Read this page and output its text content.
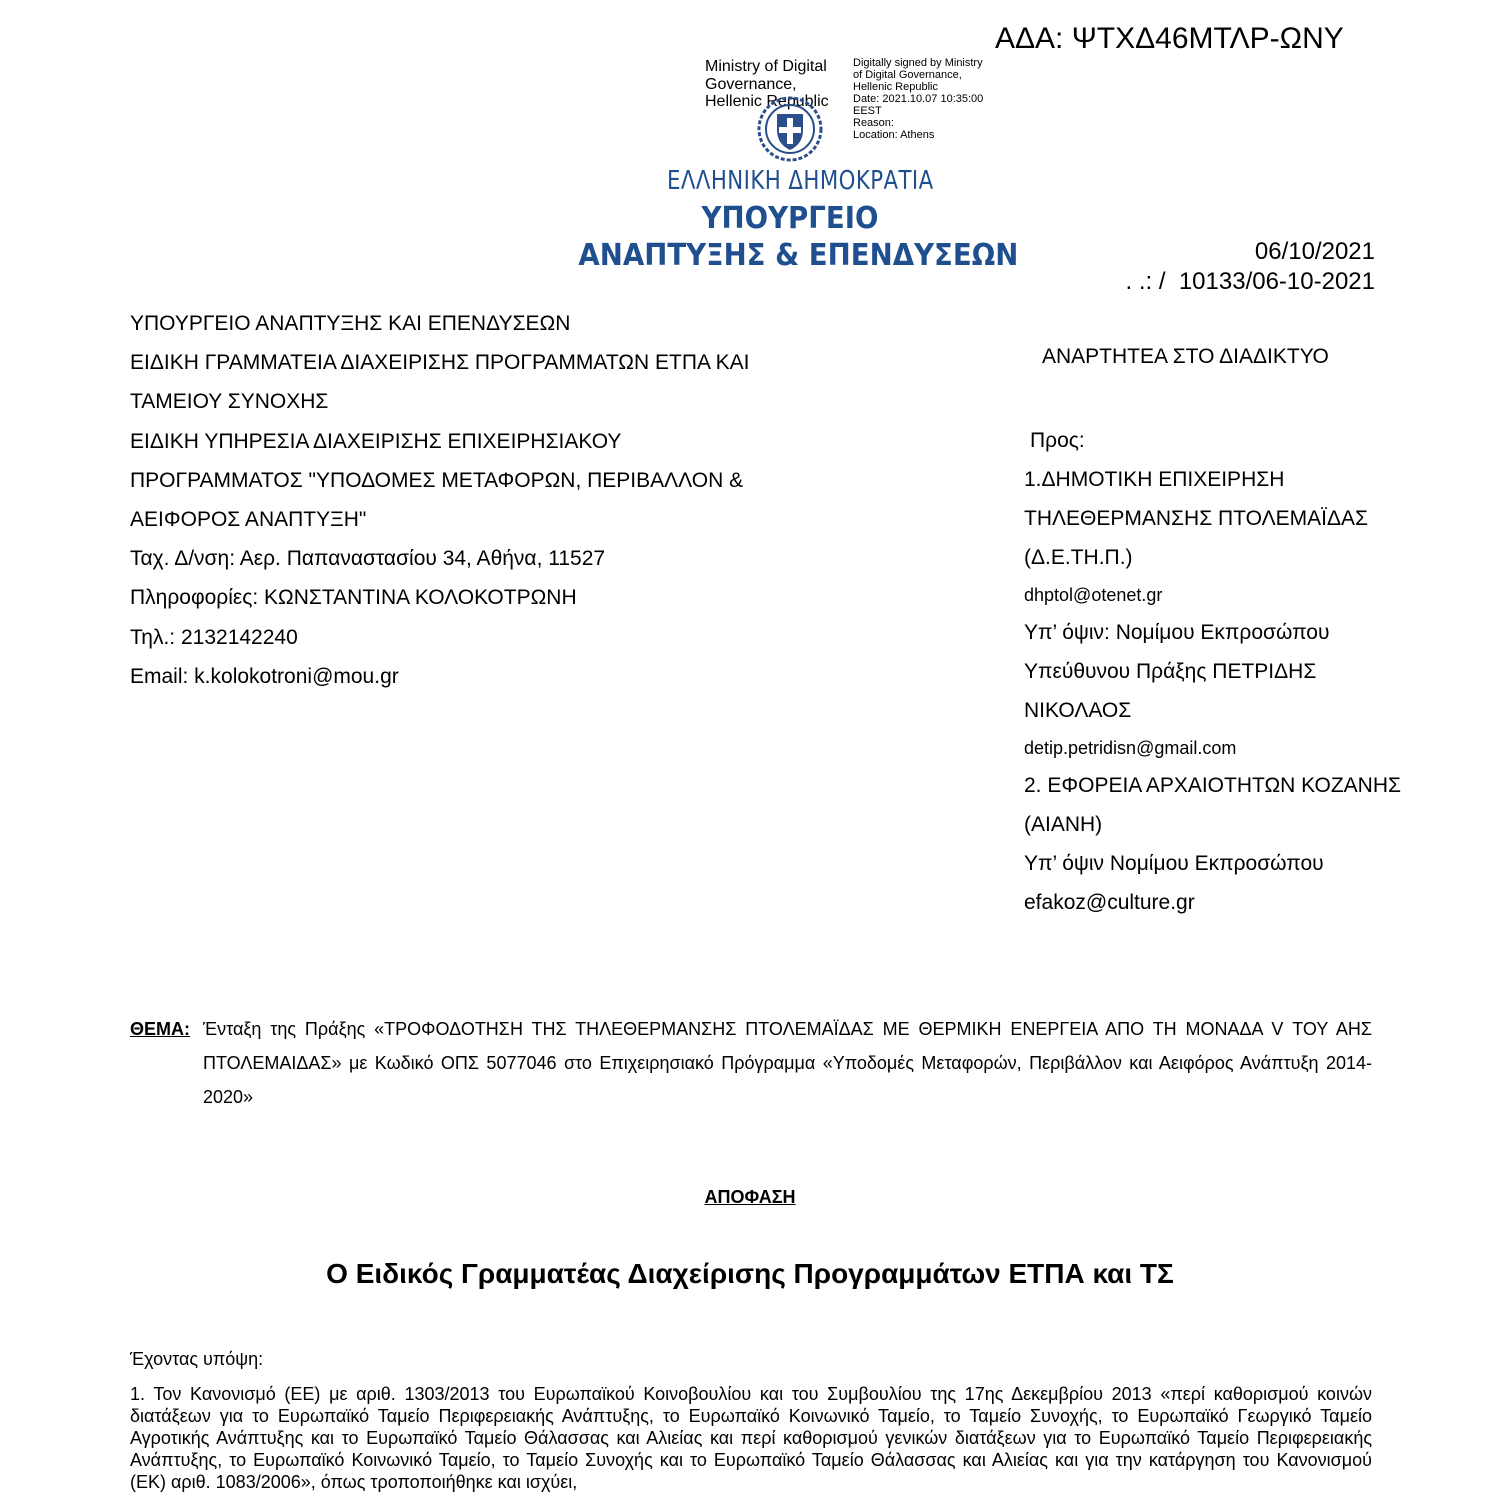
ΑΔΑ: ΨΤΧΔ46ΜΤΛΡ-ΩΝΥ
Ministry of Digital
Governance,
Hellenic Republic
Digitally signed by Ministry
of Digital Governance,
Hellenic Republic
Date: 2021.10.07 10:35:00
EEST
Reason:
Location: Athens
ΕΛΛΗΝΙΚΗ ΔΗΜΟΚΡΑΤΙΑ
ΥΠΟΥΡΓΕΙΟ
ΑΝΑΠΤΥΞΗΣ & ΕΠΕΝΔΥΣΕΩΝ	06/10/2021
. .: /  10133/06-10-2021
ΥΠΟΥΡΓΕΙΟ ΑΝΑΠΤΥΞΗΣ ΚΑΙ ΕΠΕΝΔΥΣΕΩΝ
ΕΙΔΙΚΗ ΓΡΑΜΜΑΤΕΙΑ ΔΙΑΧΕΙΡΙΣΗΣ ΠΡΟΓΡΑΜΜΑΤΩΝ ΕΤΠΑ ΚΑΙ
ΤΑΜΕΙΟΥ ΣΥΝΟΧΗΣ
ΕΙΔΙΚΗ ΥΠΗΡΕΣΙΑ ΔΙΑΧΕΙΡΙΣΗΣ ΕΠΙΧΕΙΡΗΣΙΑΚΟΥ
ΠΡΟΓΡΑΜΜΑΤΟΣ "ΥΠΟΔΟΜΕΣ ΜΕΤΑΦΟΡΩΝ, ΠΕΡΙΒΑΛΛΟΝ &
ΑΕΙΦΟΡΟΣ ΑΝΑΠΤΥΞΗ"
Ταχ. Δ/νση: Αερ. Παπαναστασίου 34, Αθήνα, 11527
Πληροφορίες: ΚΩΝΣΤΑΝΤΙΝΑ ΚΟΛΟΚΟΤΡΩΝΗ
Τηλ.: 2132142240
Email: k.kolokotroni@mou.gr
ΑΝΑΡΤΗΤΕΑ ΣΤΟ ΔΙΑΔΙΚΤΥΟ
Προς:
1.ΔΗΜΟΤΙΚΗ ΕΠΙΧΕΙΡΗΣΗ
ΤΗΛΕΘΕΡΜΑΝΣΗΣ ΠΤΟΛΕΜΑΪΔΑΣ
(Δ.Ε.ΤΗ.Π.)
dhptol@otenet.gr
Υπ’ όψιν: Νομίμου Εκπροσώπου
Υπεύθυνου Πράξης ΠΕΤΡΙΔΗΣ
ΝΙΚΟΛΑΟΣ
detip.petridisn@gmail.com
2. ΕΦΟΡΕΙΑ ΑΡΧΑΙΟΤΗΤΩΝ ΚΟΖΑΝΗΣ
(ΑΙΑΝΗ)
Υπ’ όψιν Νομίμου Εκπροσώπου
efakoz@culture.gr
ΘΕΜΑ: Ένταξη της Πράξης «ΤΡΟΦΟΔΟΤΗΣΗ ΤΗΣ ΤΗΛΕΘΕΡΜΑΝΣΗΣ ΠΤΟΛΕΜΑΪΔΑΣ ΜΕ ΘΕΡΜΙΚΗ ΕΝΕΡΓΕΙΑ ΑΠΟ ΤΗ ΜΟΝΑΔΑ V ΤΟΥ ΑΗΣ ΠΤΟΛΕΜΑΙΔΑΣ» με Κωδικό ΟΠΣ 5077046 στο Επιχειρησιακό Πρόγραμμα «Υποδομές Μεταφορών, Περιβάλλον και Αειφόρος Ανάπτυξη 2014-2020»
ΑΠΟΦΑΣΗ
Ο Ειδικός Γραμματέας Διαχείρισης Προγραμμάτων ΕΤΠΑ και ΤΣ
Έχοντας υπόψη:
1. Τον Κανονισμό (ΕΕ) με αριθ. 1303/2013 του Ευρωπαϊκού Κοινοβουλίου και του Συμβουλίου της 17ης Δεκεμβρίου 2013 «περί καθορισμού κοινών διατάξεων για το Ευρωπαϊκό Ταμείο Περιφερειακής Ανάπτυξης, το Ευρωπαϊκό Κοινωνικό Ταμείο, το Ταμείο Συνοχής, το Ευρωπαϊκό Γεωργικό Ταμείο Αγροτικής Ανάπτυξης και το Ευρωπαϊκό Ταμείο Θάλασσας και Αλιείας και περί καθορισμού γενικών διατάξεων για το Ευρωπαϊκό Ταμείο Περιφερειακής Ανάπτυξης, το Ευρωπαϊκό Κοινωνικό Ταμείο, το Ταμείο Συνοχής και το Ευρωπαϊκό Ταμείο Θάλασσας και Αλιείας και για την κατάργηση του Κανονισμού (ΕΚ) αριθ. 1083/2006», όπως τροποποιήθηκε και ισχύει,
